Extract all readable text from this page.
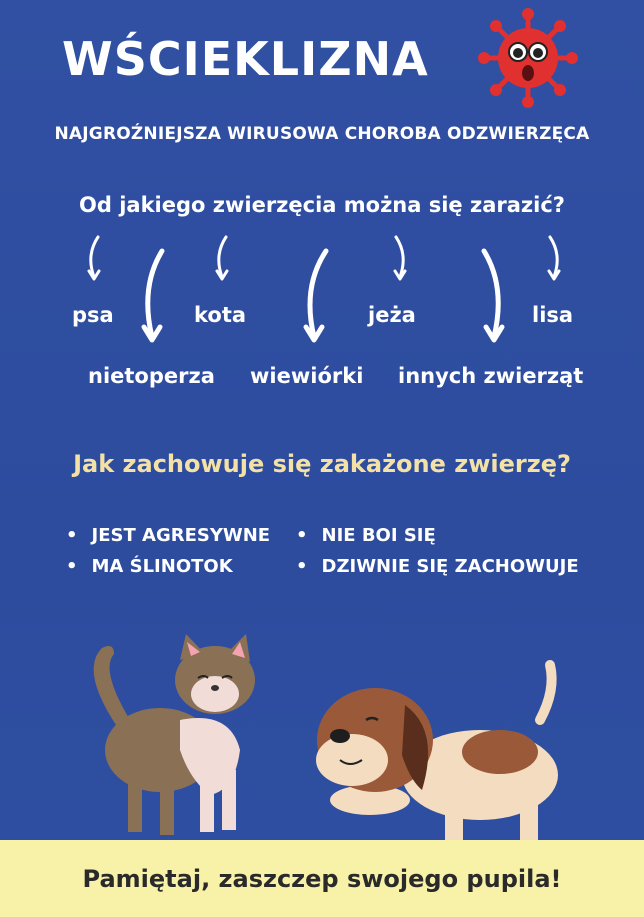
WŚCIEKLIZNA
NAJGROŹNIEJSZA WIRUSOWA CHOROBA ODZWIERZĘCA
Od jakiego zwierzęcia można się zarazić?
psa	kota	jeża	lisa
nietoperza wiewiórki innych zwierząt
Jak zachowuje się zakażone zwierzę?
• JEST AGRESYWNE
• MA ŚLINOTOK
• NIE BOI SIĘ
• DZIWNIE SIĘ ZACHOWUJE
Pamiętaj, zaszczep swojego pupila!
